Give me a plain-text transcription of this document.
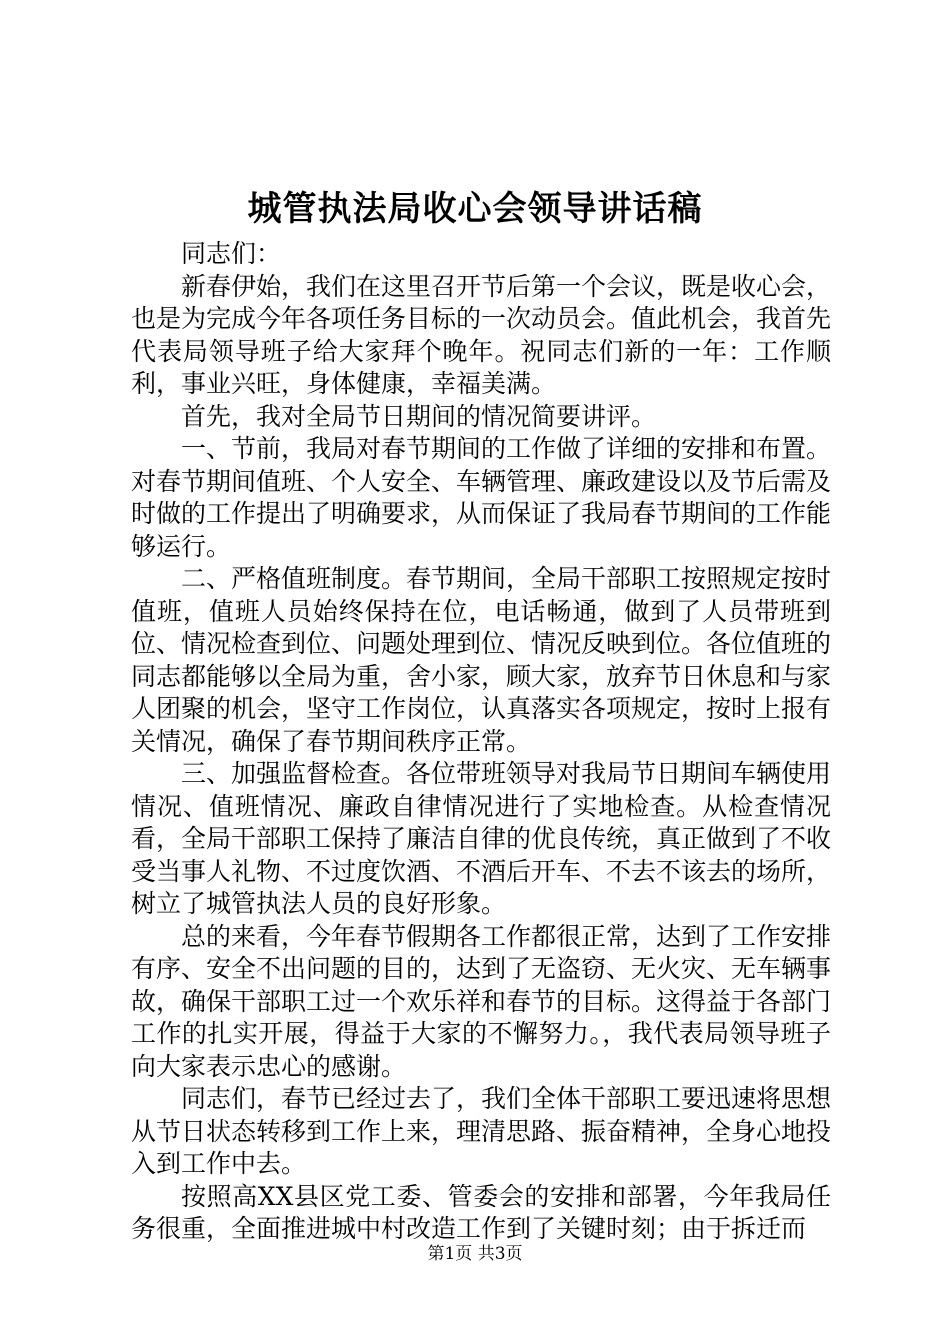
城管执法局收心会领导讲话稿

同志们：

新春伊始，我们在这里召开节后第一个会议，既是收心会，也是为完成今年各项任务目标的一次动员会。值此机会，我首先代表局领导班子给大家拜个晚年。祝同志们新的一年：工作顺利，事业兴旺，身体健康，幸福美满。

首先，我对全局节日期间的情况简要讲评。

一、节前，我局对春节期间的工作做了详细的安排和布置。对春节期间值班、个人安全、车辆管理、廉政建设以及节后需及时做的工作提出了明确要求，从而保证了我局春节期间的工作能够运行。

二、严格值班制度。春节期间，全局干部职工按照规定按时值班，值班人员始终保持在位，电话畅通，做到了人员带班到位、情况检查到位、问题处理到位、情况反映到位。各位值班的同志都能够以全局为重，舍小家，顾大家，放弃节日休息和与家人团聚的机会，坚守工作岗位，认真落实各项规定，按时上报有关情况，确保了春节期间秩序正常。

三、加强监督检查。各位带班领导对我局节日期间车辆使用情况、值班情况、廉政自律情况进行了实地检查。从检查情况看，全局干部职工保持了廉洁自律的优良传统，真正做到了不收受当事人礼物、不过度饮酒、不酒后开车、不去不该去的场所，树立了城管执法人员的良好形象。

总的来看，今年春节假期各工作都很正常，达到了工作安排有序、安全不出问题的目的，达到了无盗窃、无火灾、无车辆事故，确保干部职工过一个欢乐祥和春节的目标。这得益于各部门工作的扎实开展，得益于大家的不懈努力。，我代表局领导班子向大家表示忠心的感谢。

同志们，春节已经过去了，我们全体干部职工要迅速将思想从节日状态转移到工作上来，理清思路、振奋精神，全身心地投入到工作中去。

按照高XX县区党工委、管委会的安排和部署，今年我局任务很重，全面推进城中村改造工作到了关键时刻；由于拆迁而

第1页 共3页
